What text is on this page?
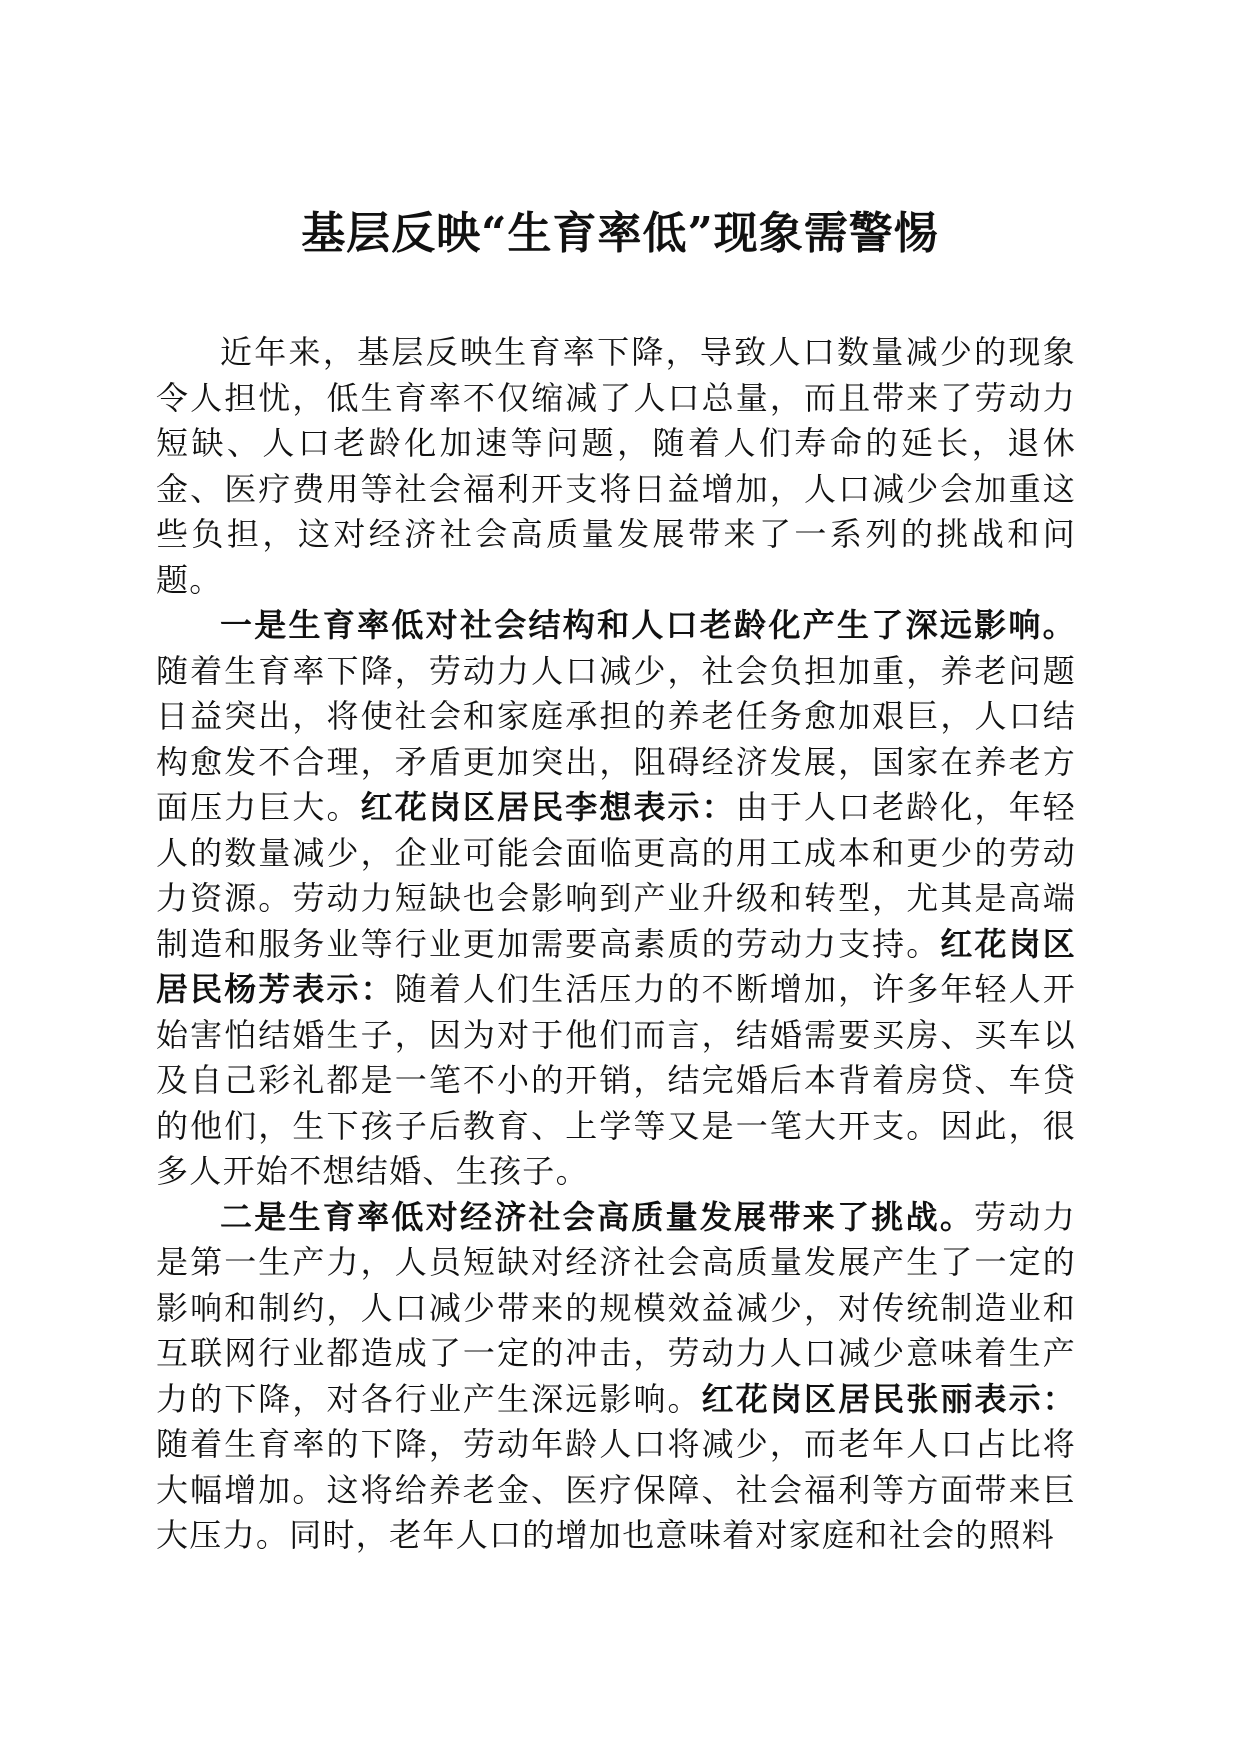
基层反映“生育率低”现象需警惕

近年来，基层反映生育率下降，导致人口数量减少的现象令人担忧，低生育率不仅缩减了人口总量，而且带来了劳动力短缺、人口老龄化加速等问题，随着人们寿命的延长，退休金、医疗费用等社会福利开支将日益增加，人口减少会加重这些负担，这对经济社会高质量发展带来了一系列的挑战和问题。

一是生育率低对社会结构和人口老龄化产生了深远影响。随着生育率下降，劳动力人口减少，社会负担加重，养老问题日益突出，将使社会和家庭承担的养老任务愈加艰巨，人口结构愈发不合理，矛盾更加突出，阻碍经济发展，国家在养老方面压力巨大。红花岗区居民李想表示：由于人口老龄化，年轻人的数量减少，企业可能会面临更高的用工成本和更少的劳动力资源。劳动力短缺也会影响到产业升级和转型，尤其是高端制造和服务业等行业更加需要高素质的劳动力支持。红花岗区居民杨芳表示：随着人们生活压力的不断增加，许多年轻人开始害怕结婚生子，因为对于他们而言，结婚需要买房、买车以及自己彩礼都是一笔不小的开销，结完婚后本背着房贷、车贷的他们，生下孩子后教育、上学等又是一笔大开支。因此，很多人开始不想结婚、生孩子。

二是生育率低对经济社会高质量发展带来了挑战。劳动力是第一生产力，人员短缺对经济社会高质量发展产生了一定的影响和制约，人口减少带来的规模效益减少，对传统制造业和互联网行业都造成了一定的冲击，劳动力人口减少意味着生产力的下降，对各行业产生深远影响。红花岗区居民张丽表示：随着生育率的下降，劳动年龄人口将减少，而老年人口占比将大幅增加。这将给养老金、医疗保障、社会福利等方面带来巨大压力。同时，老年人口的增加也意味着对家庭和社会的照料
